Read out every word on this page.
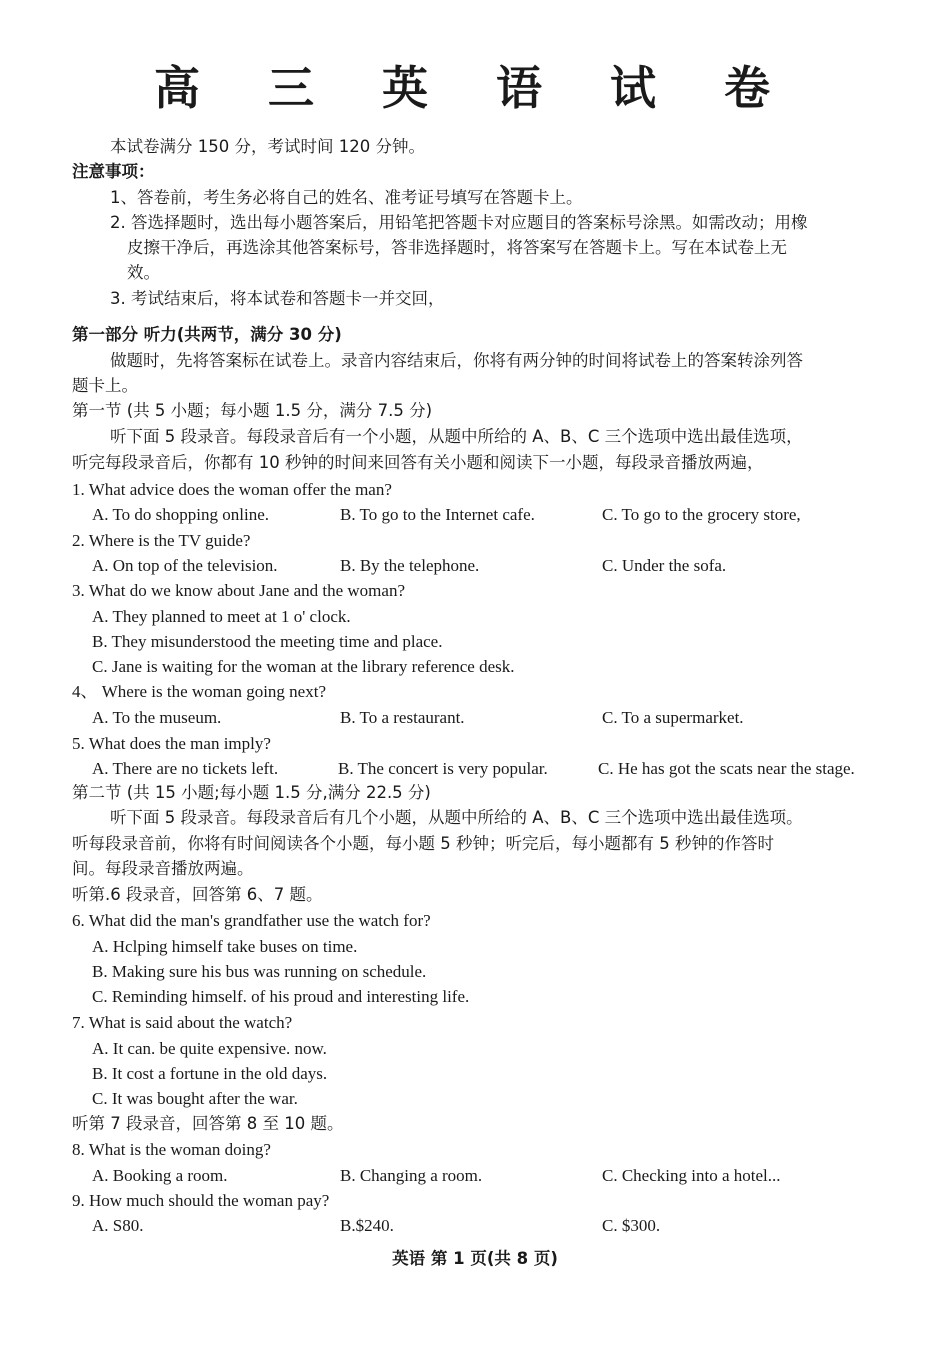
高 三 英 语 试 卷
本试卷满分 150 分，考试时间 120 分钟。
注意事项：
1、答卷前，考生务必将自己的姓名、准考证号填写在答题卡上。
2. 答选择题时，选出每小题答案后，用铅笔把答题卡对应题目的答案标号涂黑。如需改动；用橡
皮擦干净后，再选涂其他答案标号，答非选择题时，将答案写在答题卡上。写在本试卷上无
效。
3. 考试结束后，将本试卷和答题卡一并交回，
第一部分 听力(共两节，满分 30 分)
做题时，先将答案标在试卷上。录音内容结束后，你将有两分钟的时间将试卷上的答案转涂列答
题卡上。
第一节 (共 5 小题；每小题 1.5 分，满分 7.5 分)
听下面 5 段录音。每段录音后有一个小题，从题中所给的 A、B、C 三个选项中选出最佳选项，
听完每段录音后，你都有 10 秒钟的时间来回答有关小题和阅读下一小题，每段录音播放两遍，
1. What advice does the woman offer the man?
A. To do shopping online.	B. To go to the Internet cafe.	C. To go to the grocery store,
2. Where is the TV guide?
A. On top of the television.	B. By the telephone.	C. Under the sofa.
3. What do we know about Jane and the woman?
A. They planned to meet at 1 o' clock.
B. They misunderstood the meeting time and place.
C. Jane is waiting for the woman at the library reference desk.
4、 Where is the woman going next?
A. To the museum.	B. To a restaurant.	C. To a supermarket.
5. What does the man imply?
A. There are no tickets left.	B. The concert is very popular.	C. He has got the scats near the stage.
第二节 (共 15 小题;每小题 1.5 分,满分 22.5 分)
听下面 5 段录音。每段录音后有几个小题，从题中所给的 A、B、C 三个选项中选出最佳选项。
听每段录音前，你将有时间阅读各个小题，每小题 5 秒钟；听完后，每小题都有 5 秒钟的作答时
间。每段录音播放两遍。
听第.6 段录音，回答第 6、7 题。
6. What did the man's grandfather use the watch for?
A. Hclping himself take buses on time.
B. Making sure his bus was running on schedule.
C. Reminding himself. of his proud and interesting life.
7. What is said about the watch?
A. It can. be quite expensive. now.
B. It cost a fortune in the old days.
C. It was bought after the war.
听第 7 段录音，回答第 8 至 10 题。
8. What is the woman doing?
A. Booking a room.	B. Changing a room.	C. Checking into a hotel...
9. How much should the woman pay?
A. S80.	B.$240.	C. $300.
英语 第 1 页(共 8 页)
